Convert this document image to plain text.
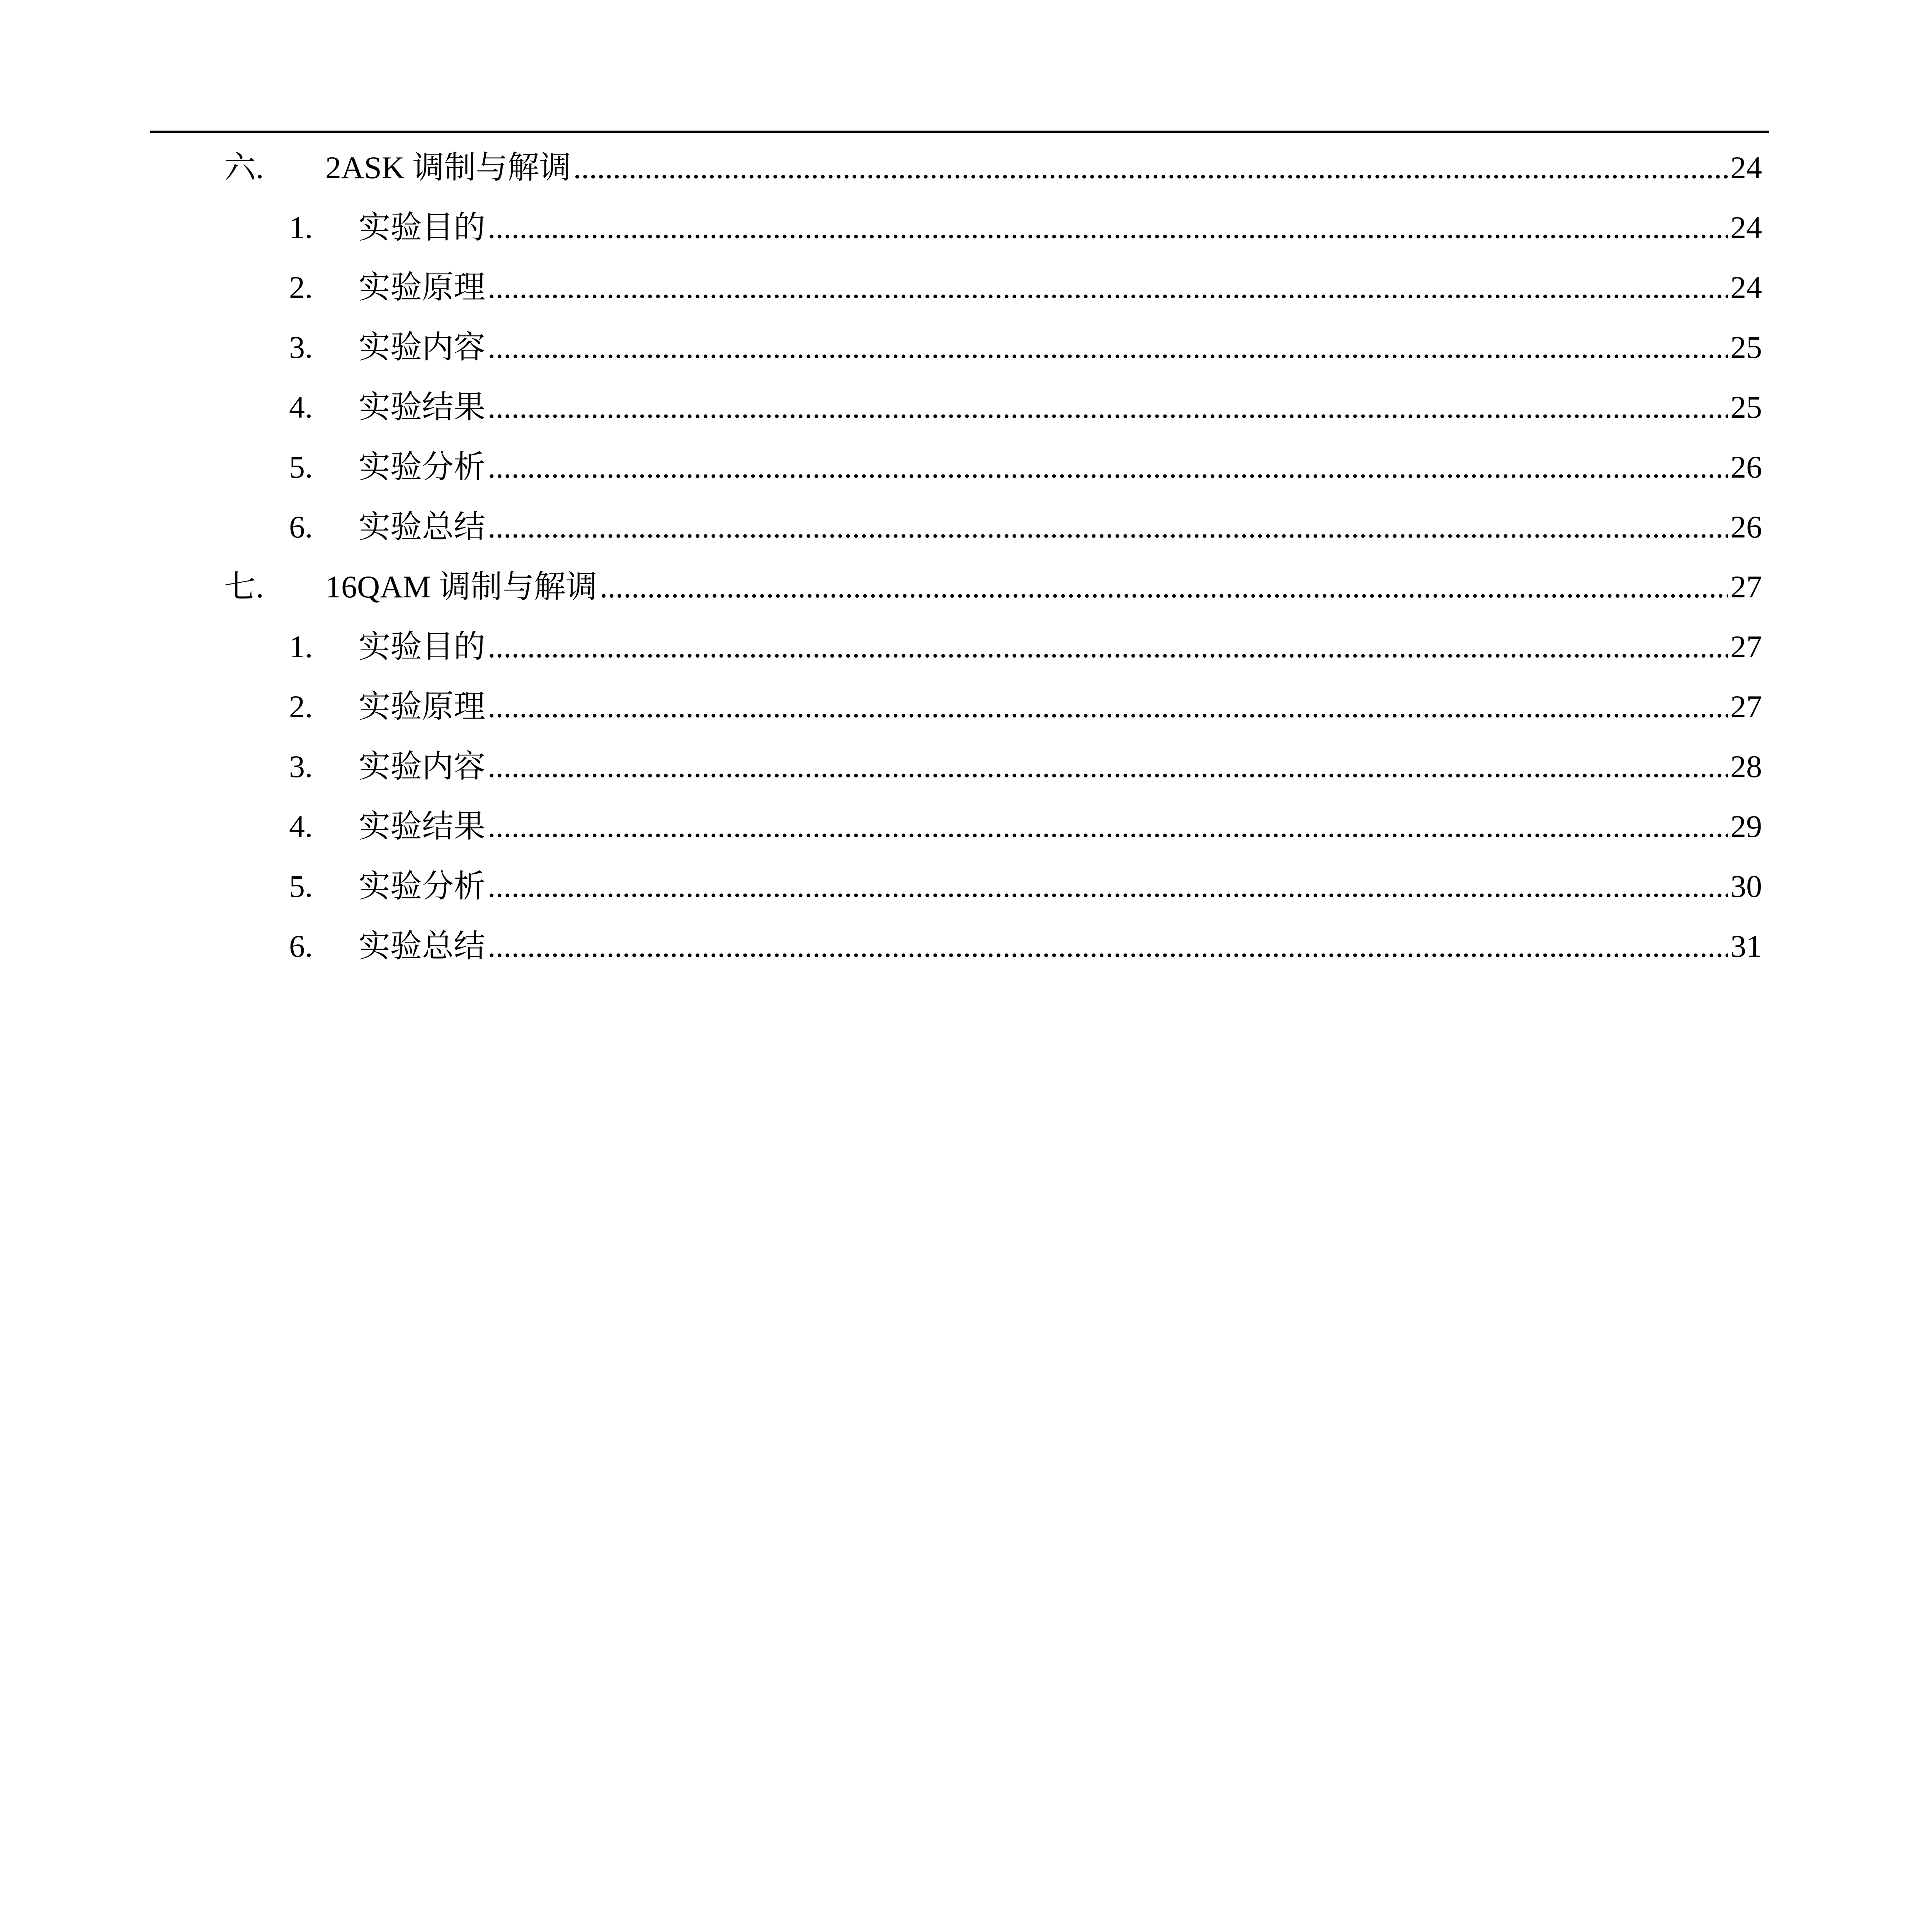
六.	2ASK 调制与解调 .....	24
1.	实验目的 .....	24
2.	实验原理 .....	24
3.	实验内容 .....	25
4.	实验结果 .....	25
5.	实验分析 .....	26
6.	实验总结 .....	26
七.	16QAM 调制与解调 .....	27
1.	实验目的 .....	27
2.	实验原理 .....	27
3.	实验内容 .....	28
4.	实验结果 .....	29
5.	实验分析 .....	30
6.	实验总结 .....	31
